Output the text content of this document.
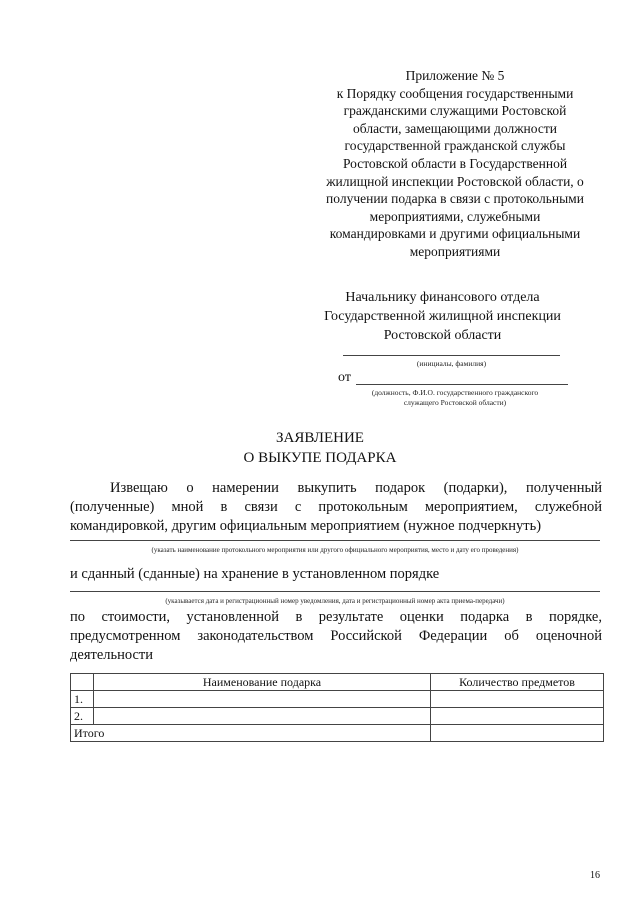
Приложение № 5
к Порядку сообщения государственными
гражданскими служащими Ростовской
области, замещающими должности
государственной гражданской службы
Ростовской области в Государственной
жилищной инспекции Ростовской области, о
получении подарка в связи с протокольными
мероприятиями, служебными
командировками и другими официальными
мероприятиями
Начальнику финансового отдела
Государственной жилищной инспекции
Ростовской области
(инициалы, фамилия)
от
(должность, Ф.И.О. государственного гражданского
служащего Ростовской области)
ЗАЯВЛЕНИЕ
О ВЫКУПЕ ПОДАРКА
Извещаю о намерении выкупить подарок (подарки), полученный
(полученные) мной в связи с протокольным мероприятием, служебной
командировкой, другим официальным мероприятием (нужное подчеркнуть)
(указать наименование протокольного мероприятия или другого официального мероприятия, место и дату его проведения)
и сданный (сданные) на хранение в установленном порядке
(указывается дата и регистрационный номер уведомления, дата и регистрационный номер акта приема-передачи)
по стоимости, установленной в результате оценки подарка в порядке,
предусмотренном законодательством Российской Федерации об оценочной
деятельности
	Наименование подарка	Количество предметов
1.		
2.		
Итого		
16
